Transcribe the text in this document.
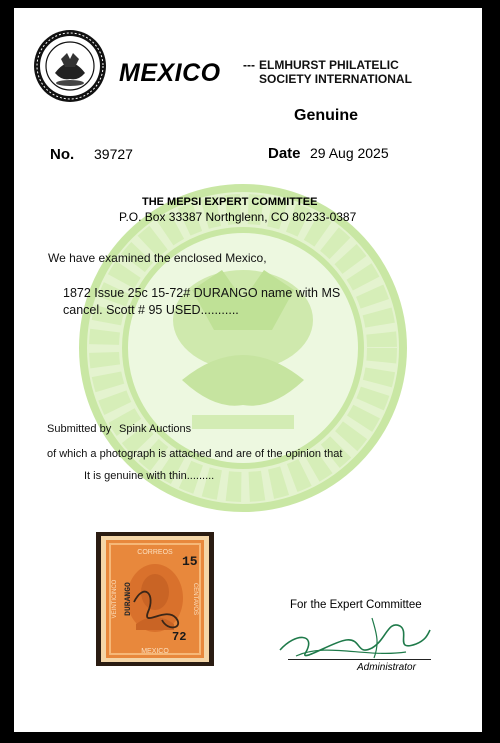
MEXICO --- ELMHURST PHILATELIC
SOCIETY INTERNATIONAL
Genuine
No. 39727	Date 29 Aug 2025
THE MEPSI EXPERT COMMITTEE
P.O. Box 33387 Northglenn, CO 80233-0387
We have examined the enclosed Mexico,
1872 Issue 25c 15-72# DURANGO name with MS
cancel. Scott # 95 USED...........
Submitted by Spink Auctions
of which a photograph is attached and are of the opinion that
It is genuine with thin.........
CORREOS
MEXICO
VEINTICINCO	CENTAVOS
15
72
DURANGO	For the Expert Committee
Administrator
